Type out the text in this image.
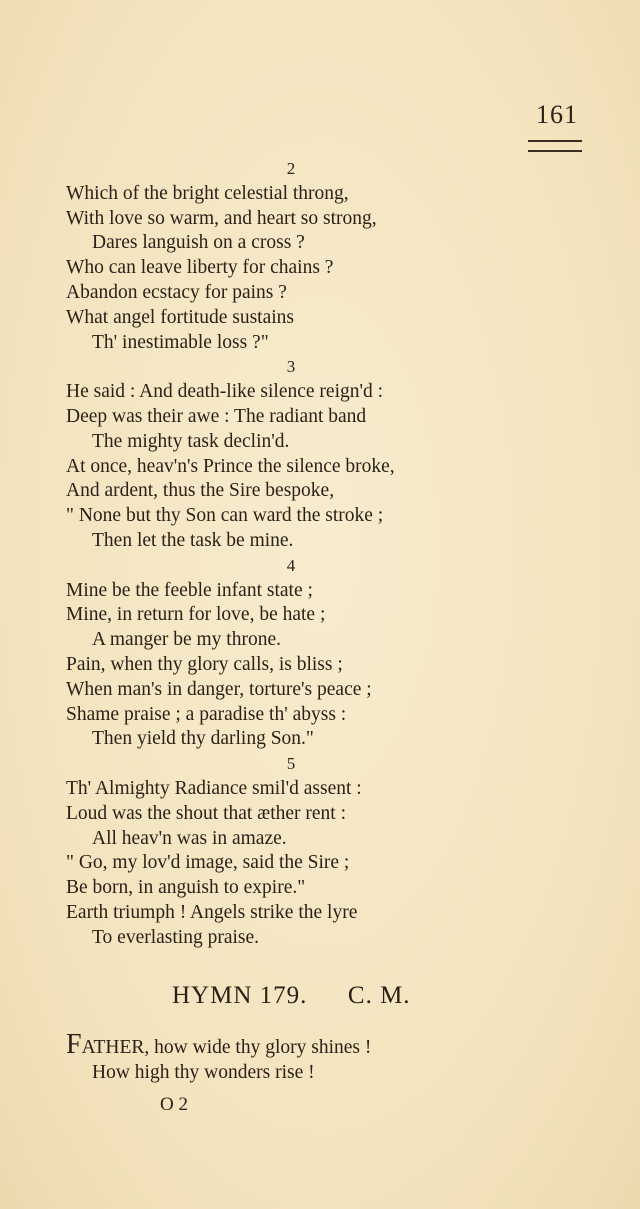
161
2
Which of the bright celestial throng,
With love so warm, and heart so strong,
Dares languish on a cross ?
Who can leave liberty for chains ?
Abandon ecstacy for pains ?
What angel fortitude sustains
Th' inestimable loss ?"
3
He said : And death-like silence reign'd :
Deep was their awe : The radiant band
The mighty task declin'd.
At once, heav'n's Prince the silence broke,
And ardent, thus the Sire bespoke,
" None but thy Son can ward the stroke ;
Then let the task be mine.
4
Mine be the feeble infant state ;
Mine, in return for love, be hate ;
A manger be my throne.
Pain, when thy glory calls, is bliss ;
When man's in danger, torture's peace ;
Shame praise ; a paradise th' abyss :
Then yield thy darling Son."
5
Th' Almighty Radiance smil'd assent :
Loud was the shout that æther rent :
All heav'n was in amaze.
" Go, my lov'd image, said the Sire ;
Be born, in anguish to expire."
Earth triumph ! Angels strike the lyre
To everlasting praise.
HYMN 179. C. M.
FATHER, how wide thy glory shines !
How high thy wonders rise !
O 2
